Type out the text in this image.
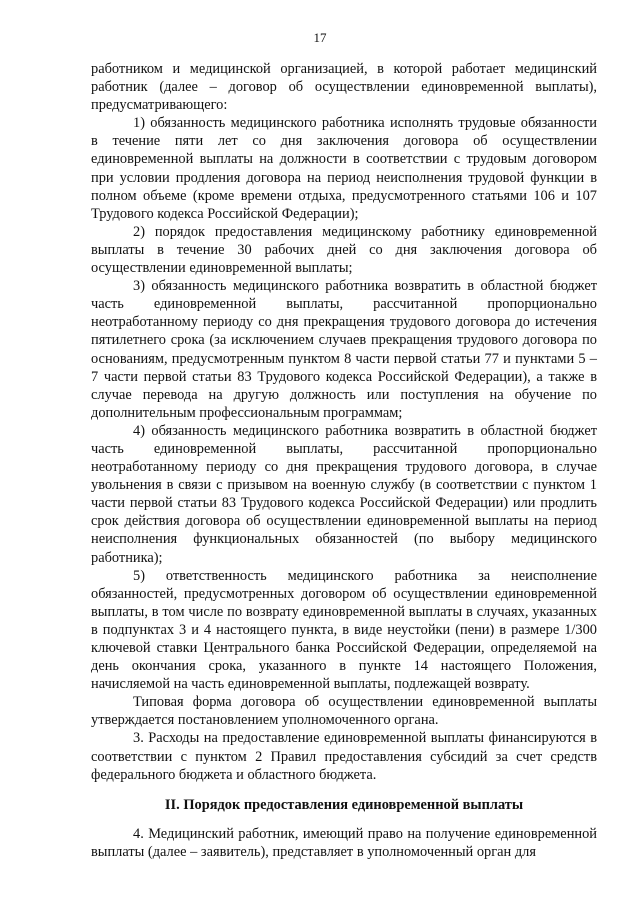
17

работником и медицинской организацией, в которой работает медицинский работник (далее – договор об осуществлении единовременной выплаты), предусматривающего:

1) обязанность медицинского работника исполнять трудовые обязанности в течение пяти лет со дня заключения договора об осуществлении единовременной выплаты на должности в соответствии с трудовым договором при условии продления договора на период неисполнения трудовой функции в полном объеме (кроме времени отдыха, предусмотренного статьями 106 и 107 Трудового кодекса Российской Федерации);

2) порядок предоставления медицинскому работнику единовременной выплаты в течение 30 рабочих дней со дня заключения договора об осуществлении единовременной выплаты;

3) обязанность медицинского работника возвратить в областной бюджет часть единовременной выплаты, рассчитанной пропорционально неотработанному периоду со дня прекращения трудового договора до истечения пятилетнего срока (за исключением случаев прекращения трудового договора по основаниям, предусмотренным пунктом 8 части первой статьи 77 и пунктами 5 – 7 части первой статьи 83 Трудового кодекса Российской Федерации), а также в случае перевода на другую должность или поступления на обучение по дополнительным профессиональным программам;

4) обязанность медицинского работника возвратить в областной бюджет часть единовременной выплаты, рассчитанной пропорционально неотработанному периоду со дня прекращения трудового договора, в случае увольнения в связи с призывом на военную службу (в соответствии с пунктом 1 части первой статьи 83 Трудового кодекса Российской Федерации) или продлить срок действия договора об осуществлении единовременной выплаты на период неисполнения функциональных обязанностей (по выбору медицинского работника);

5) ответственность медицинского работника за неисполнение обязанностей, предусмотренных договором об осуществлении единовременной выплаты, в том числе по возврату единовременной выплаты в случаях, указанных в подпунктах 3 и 4 настоящего пункта, в виде неустойки (пени) в размере 1/300 ключевой ставки Центрального банка Российской Федерации, определяемой на день окончания срока, указанного в пункте 14 настоящего Положения, начисляемой на часть единовременной выплаты, подлежащей возврату.

Типовая форма договора об осуществлении единовременной выплаты утверждается постановлением уполномоченного органа.

3. Расходы на предоставление единовременной выплаты финансируются в соответствии с пунктом 2 Правил предоставления субсидий за счет средств федерального бюджета и областного бюджета.

II. Порядок предоставления единовременной выплаты

4. Медицинский работник, имеющий право на получение единовременной выплаты (далее – заявитель), представляет в уполномоченный орган для
